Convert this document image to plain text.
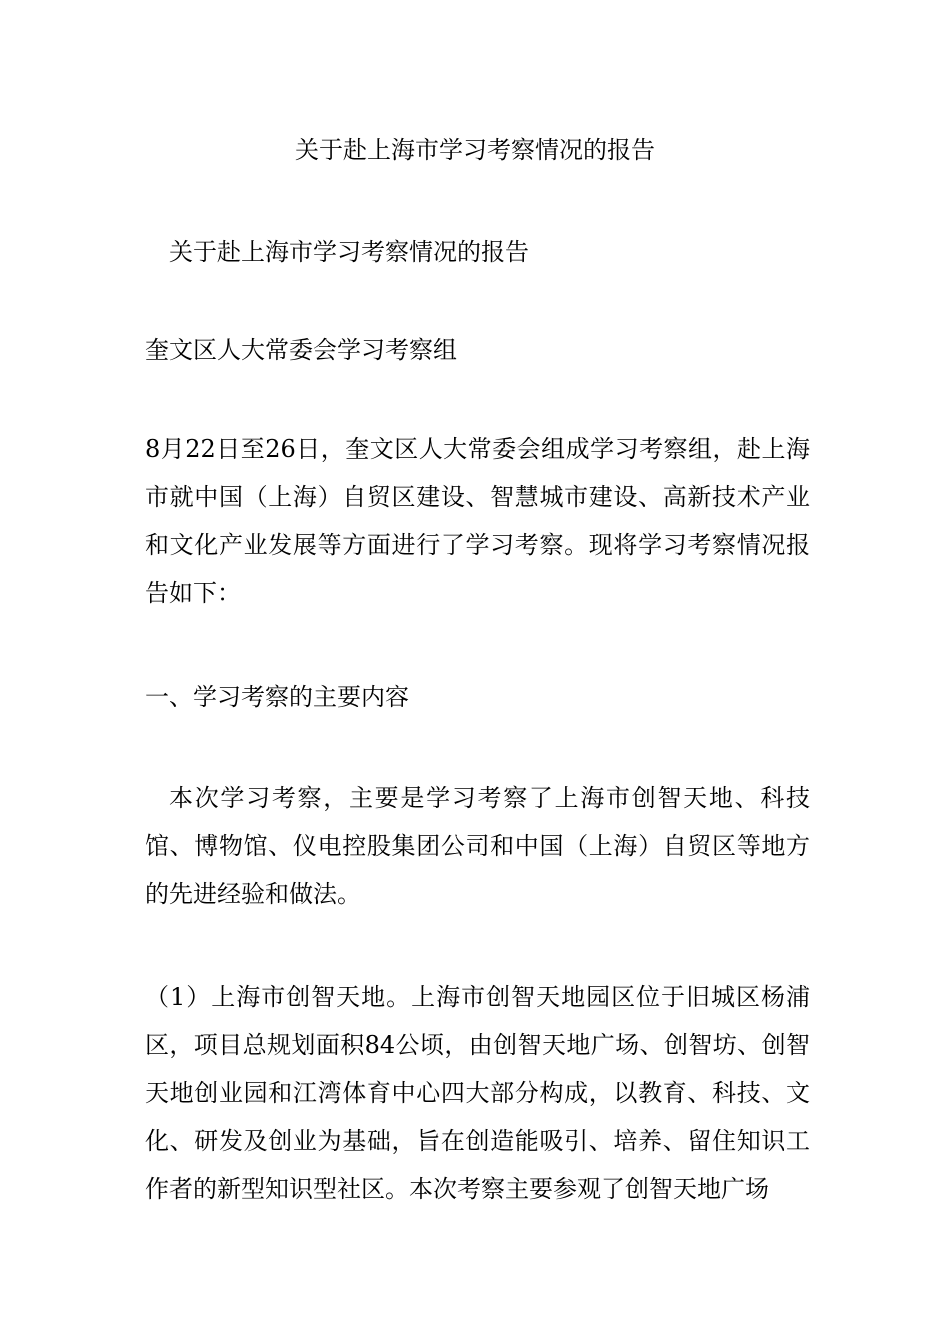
关于赴上海市学习考察情况的报告
关于赴上海市学习考察情况的报告
奎文区人大常委会学习考察组
8月22日至26日，奎文区人大常委会组成学习考察组，赴上海市就中国（上海）自贸区建设、智慧城市建设、高新技术产业和文化产业发展等方面进行了学习考察。现将学习考察情况报告如下：
一、学习考察的主要内容
本次学习考察，主要是学习考察了上海市创智天地、科技馆、博物馆、仪电控股集团公司和中国（上海）自贸区等地方的先进经验和做法。
（1）上海市创智天地。上海市创智天地园区位于旧城区杨浦区，项目总规划面积84公顷，由创智天地广场、创智坊、创智天地创业园和江湾体育中心四大部分构成，以教育、科技、文化、研发及创业为基础，旨在创造能吸引、培养、留住知识工作者的新型知识型社区。本次考察主要参观了创智天地广场
